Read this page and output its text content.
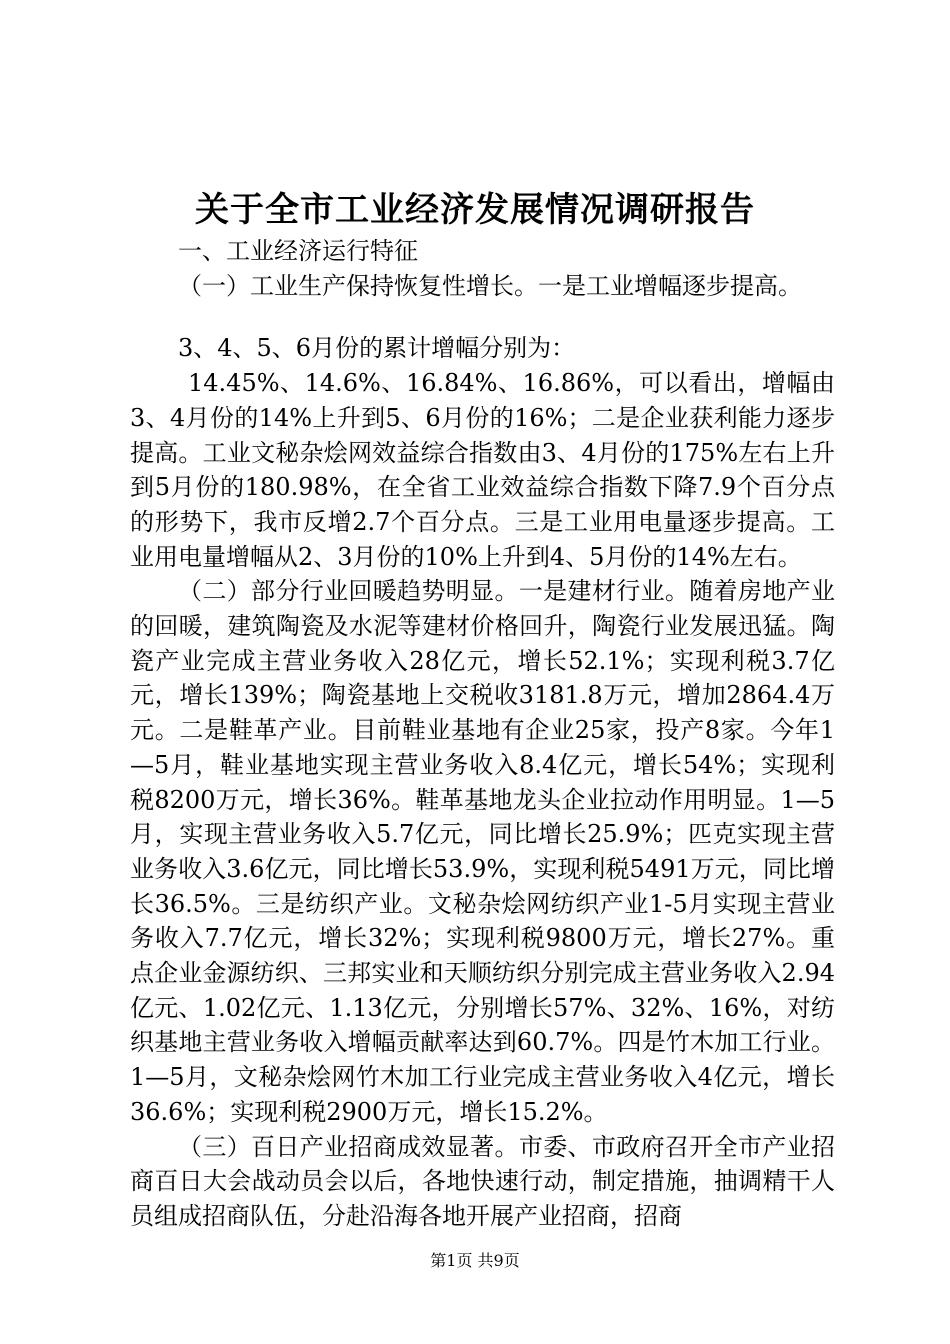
关于全市工业经济发展情况调研报告

一、工业经济运行特征

（一）工业生产保持恢复性增长。一是工业增幅逐步提高。

3、4、5、6月份的累计增幅分别为：

14.45%、14.6%、16.84%、16.86%，可以看出，增幅由3、4月份的14%上升到5、6月份的16%；二是企业获利能力逐步提高。工业文秘杂烩网效益综合指数由3、4月份的175%左右上升到5月份的180.98%，在全省工业效益综合指数下降7.9个百分点的形势下，我市反增2.7个百分点。三是工业用电量逐步提高。工业用电量增幅从2、3月份的10%上升到4、5月份的14%左右。

（二）部分行业回暖趋势明显。一是建材行业。随着房地产业的回暖，建筑陶瓷及水泥等建材价格回升，陶瓷行业发展迅猛。陶瓷产业完成主营业务收入28亿元，增长52.1%；实现利税3.7亿元，增长139%；陶瓷基地上交税收3181.8万元，增加2864.4万元。二是鞋革产业。目前鞋业基地有企业25家，投产8家。今年1—5月，鞋业基地实现主营业务收入8.4亿元，增长54%；实现利税8200万元，增长36%。鞋革基地龙头企业拉动作用明显。1—5月，实现主营业务收入5.7亿元，同比增长25.9%；匹克实现主营业务收入3.6亿元，同比增长53.9%，实现利税5491万元，同比增长36.5%。三是纺织产业。文秘杂烩网纺织产业1-5月实现主营业务收入7.7亿元，增长32%；实现利税9800万元，增长27%。重点企业金源纺织、三邦实业和天顺纺织分别完成主营业务收入2.94亿元、1.02亿元、1.13亿元，分别增长57%、32%、16%，对纺织基地主营业务收入增幅贡献率达到60.7%。四是竹木加工行业。1—5月，文秘杂烩网竹木加工行业完成主营业务收入4亿元，增长36.6%；实现利税2900万元，增长15.2%。

（三）百日产业招商成效显著。市委、市政府召开全市产业招商百日大会战动员会以后，各地快速行动，制定措施，抽调精干人员组成招商队伍，分赴沿海各地开展产业招商，招商

第1页 共9页
